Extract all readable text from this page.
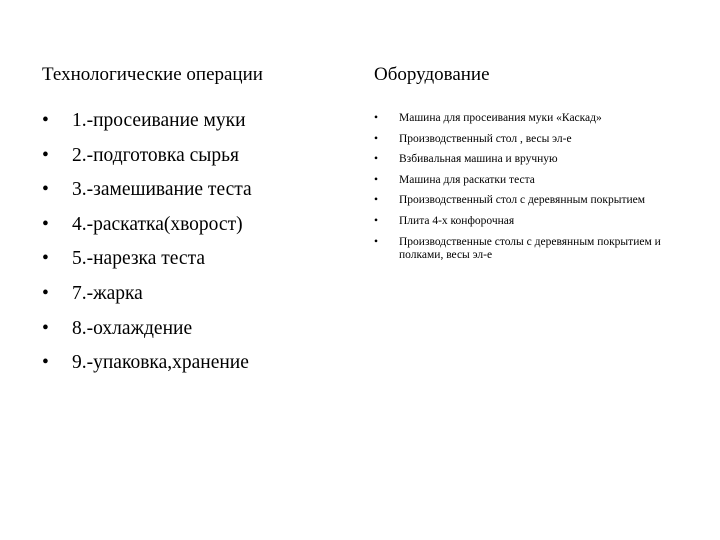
Технологические операции
•	1.-просеивание муки
•	2.-подготовка сырья
•	3.-замешивание теста
•	4.-раскатка(хворост)
•	5.-нарезка теста
•	7.-жарка
•	8.-охлаждение
•	9.-упаковка,хранение
Оборудование
•	Машина для просеивания муки «Каскад»
•	Производственный стол , весы эл-е
•	Взбивальная машина и вручную
•	Машина для раскатки теста
•	Производственный стол с деревянным покрытием
•	Плита 4-х конфорочная
•	Производственные столы с деревянным покрытием и полками, весы эл-е
